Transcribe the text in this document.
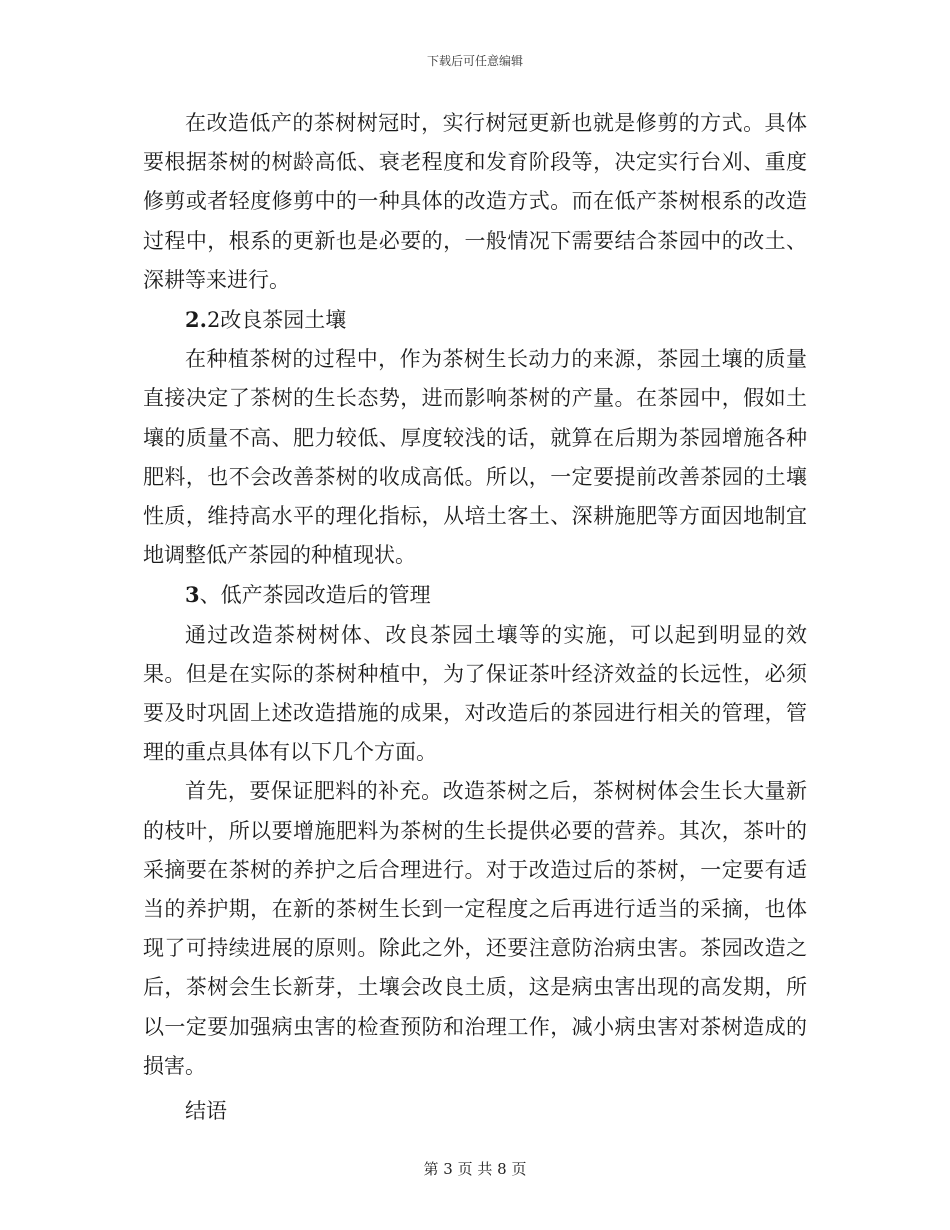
下载后可任意编辑

在改造低产的茶树树冠时，实行树冠更新也就是修剪的方式。具体要根据茶树的树龄高低、衰老程度和发育阶段等，决定实行台刈、重度修剪或者轻度修剪中的一种具体的改造方式。而在低产茶树根系的改造过程中，根系的更新也是必要的，一般情况下需要结合茶园中的改土、深耕等来进行。

2.2改良茶园土壤

在种植茶树的过程中，作为茶树生长动力的来源，茶园土壤的质量直接决定了茶树的生长态势，进而影响茶树的产量。在茶园中，假如土壤的质量不高、肥力较低、厚度较浅的话，就算在后期为茶园增施各种肥料，也不会改善茶树的收成高低。所以，一定要提前改善茶园的土壤性质，维持高水平的理化指标，从培土客土、深耕施肥等方面因地制宜地调整低产茶园的种植现状。

3、低产茶园改造后的管理

通过改造茶树树体、改良茶园土壤等的实施，可以起到明显的效果。但是在实际的茶树种植中，为了保证茶叶经济效益的长远性，必须要及时巩固上述改造措施的成果，对改造后的茶园进行相关的管理，管理的重点具体有以下几个方面。

首先，要保证肥料的补充。改造茶树之后，茶树树体会生长大量新的枝叶，所以要增施肥料为茶树的生长提供必要的营养。其次，茶叶的采摘要在茶树的养护之后合理进行。对于改造过后的茶树，一定要有适当的养护期，在新的茶树生长到一定程度之后再进行适当的采摘，也体现了可持续进展的原则。除此之外，还要注意防治病虫害。茶园改造之后，茶树会生长新芽，土壤会改良土质，这是病虫害出现的高发期，所以一定要加强病虫害的检查预防和治理工作，减小病虫害对茶树造成的损害。

结语

第 3 页 共 8 页
